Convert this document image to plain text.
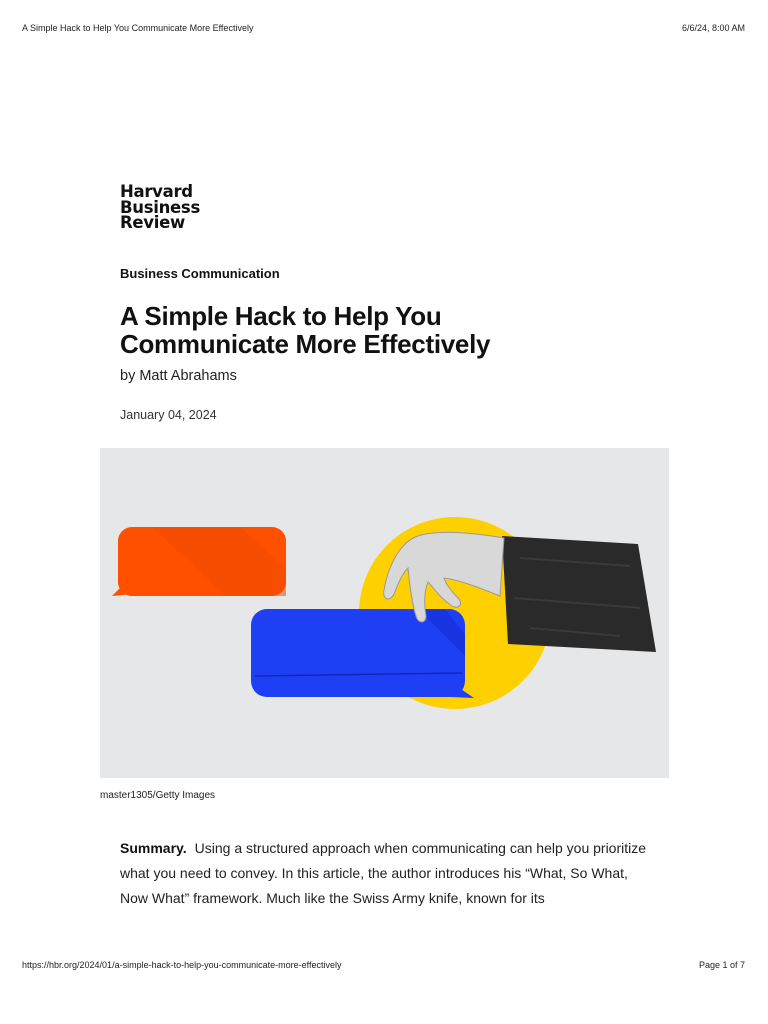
A Simple Hack to Help You Communicate More Effectively	6/6/24, 8:00 AM
Harvard
Business
Review
Business Communication
A Simple Hack to Help You
Communicate More Effectively
by Matt Abrahams
January 04, 2024
master1305/Getty Images

Summary. Using a structured approach when communicating can help you prioritize what you need to convey. In this article, the author introduces his “What, So What, Now What” framework. Much like the Swiss Army knife, known for its

https://hbr.org/2024/01/a-simple-hack-to-help-you-communicate-more-effectively	Page 1 of 7
